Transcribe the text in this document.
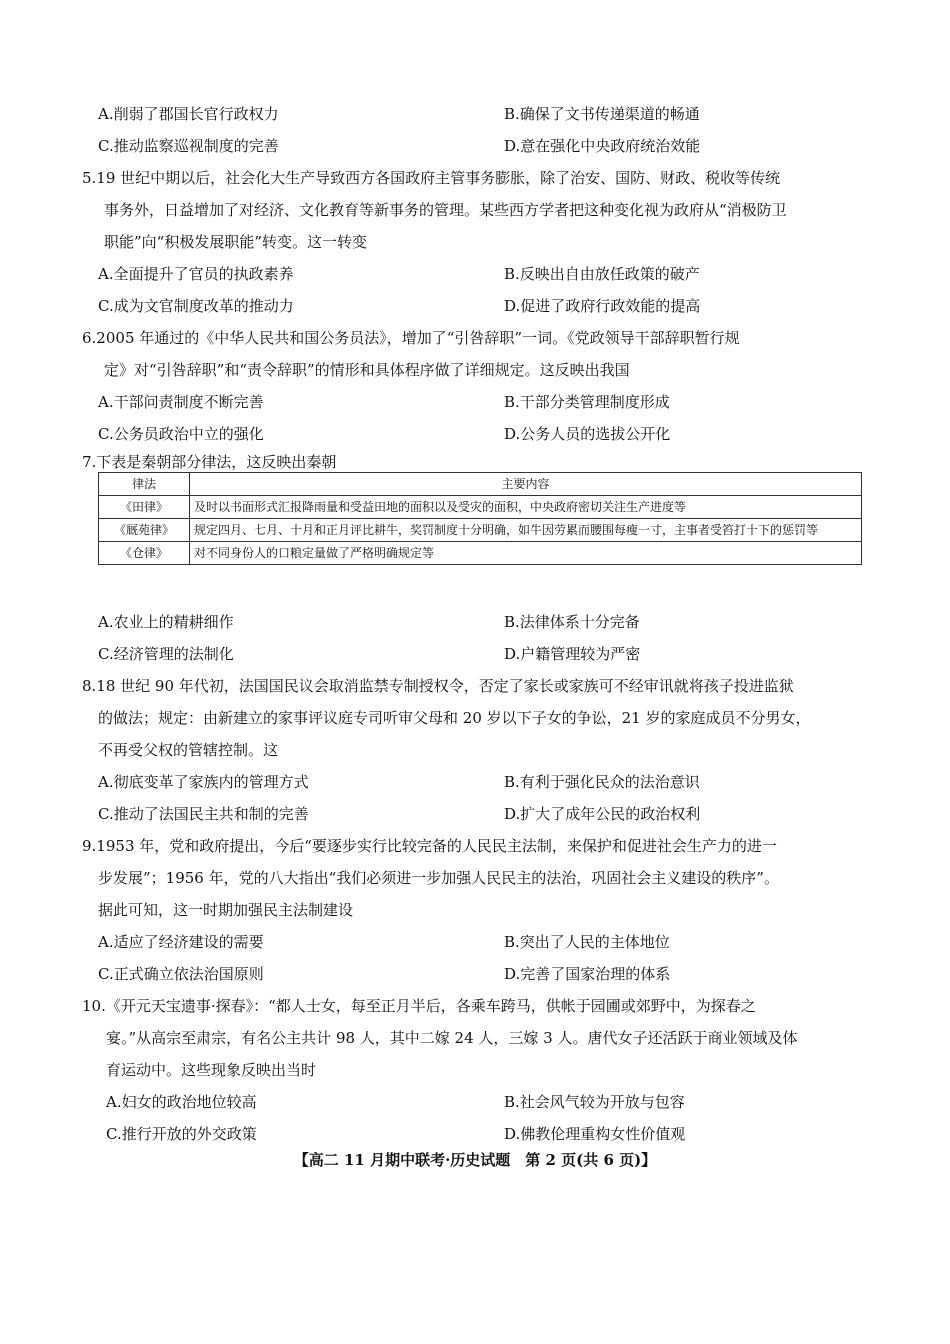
A.削弱了郡国长官行政权力	B.确保了文书传递渠道的畅通
C.推动监察巡视制度的完善	D.意在强化中央政府统治效能
5.19 世纪中期以后，社会化大生产导致西方各国政府主管事务膨胀，除了治安、国防、财政、税收等传统
事务外，日益增加了对经济、文化教育等新事务的管理。某些西方学者把这种变化视为政府从“消极防卫
职能”向“积极发展职能”转变。这一转变
A.全面提升了官员的执政素养	B.反映出自由放任政策的破产
C.成为文官制度改革的推动力	D.促进了政府行政效能的提高
6.2005 年通过的《中华人民共和国公务员法》，增加了“引咎辞职”一词。《党政领导干部辞职暂行规
定》对“引咎辞职”和“责令辞职”的情形和具体程序做了详细规定。这反映出我国
A.干部问责制度不断完善	B.干部分类管理制度形成
C.公务员政治中立的强化	D.公务人员的选拔公开化
7.下表是秦朝部分律法，这反映出秦朝
律法	主要内容
《田律》	及时以书面形式汇报降雨量和受益田地的面积以及受灾的面积，中央政府密切关注生产进度等
《厩苑律》	规定四月、七月、十月和正月评比耕牛，奖罚制度十分明确，如牛因劳累而腰围每瘦一寸，主事者受笞打十下的惩罚等
《仓律》	对不同身份人的口粮定量做了严格明确规定等
A.农业上的精耕细作	B.法律体系十分完备
C.经济管理的法制化	D.户籍管理较为严密
8.18 世纪 90 年代初，法国国民议会取消监禁专制授权令，否定了家长或家族可不经审讯就将孩子投进监狱
的做法；规定：由新建立的家事评议庭专司听审父母和 20 岁以下子女的争讼，21 岁的家庭成员不分男女，
不再受父权的管辖控制。这
A.彻底变革了家族内的管理方式	B.有利于强化民众的法治意识
C.推动了法国民主共和制的完善	D.扩大了成年公民的政治权利
9.1953 年，党和政府提出，今后“要逐步实行比较完备的人民民主法制，来保护和促进社会生产力的进一
步发展”；1956 年，党的八大指出“我们必须进一步加强人民民主的法治，巩固社会主义建设的秩序”。
据此可知，这一时期加强民主法制建设
A.适应了经济建设的需要	B.突出了人民的主体地位
C.正式确立依法治国原则	D.完善了国家治理的体系
10.《开元天宝遗事·探春》：“都人士女，每至正月半后，各乘车跨马，供帐于园圃或郊野中，为探春之
宴。”从高宗至肃宗，有名公主共计 98 人，其中二嫁 24 人，三嫁 3 人。唐代女子还活跃于商业领域及体
育运动中。这些现象反映出当时
A.妇女的政治地位较高	B.社会风气较为开放与包容
C.推行开放的外交政策	D.佛教伦理重构女性价值观
【高二 11 月期中联考·历史试题　第 2 页(共 6 页)】
